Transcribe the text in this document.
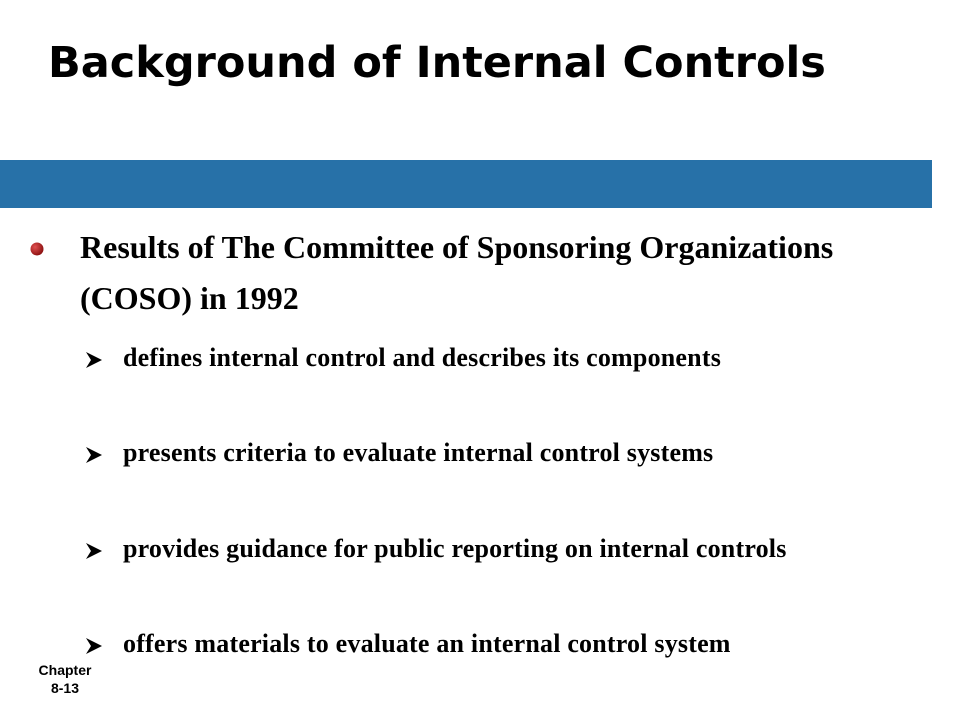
Background of Internal Controls
Results of The Committee of Sponsoring Organizations (COSO) in 1992
defines internal control and describes its components
presents criteria to evaluate internal control systems
provides guidance for public reporting on internal controls
offers materials to evaluate an internal control system
Chapter
8-13
